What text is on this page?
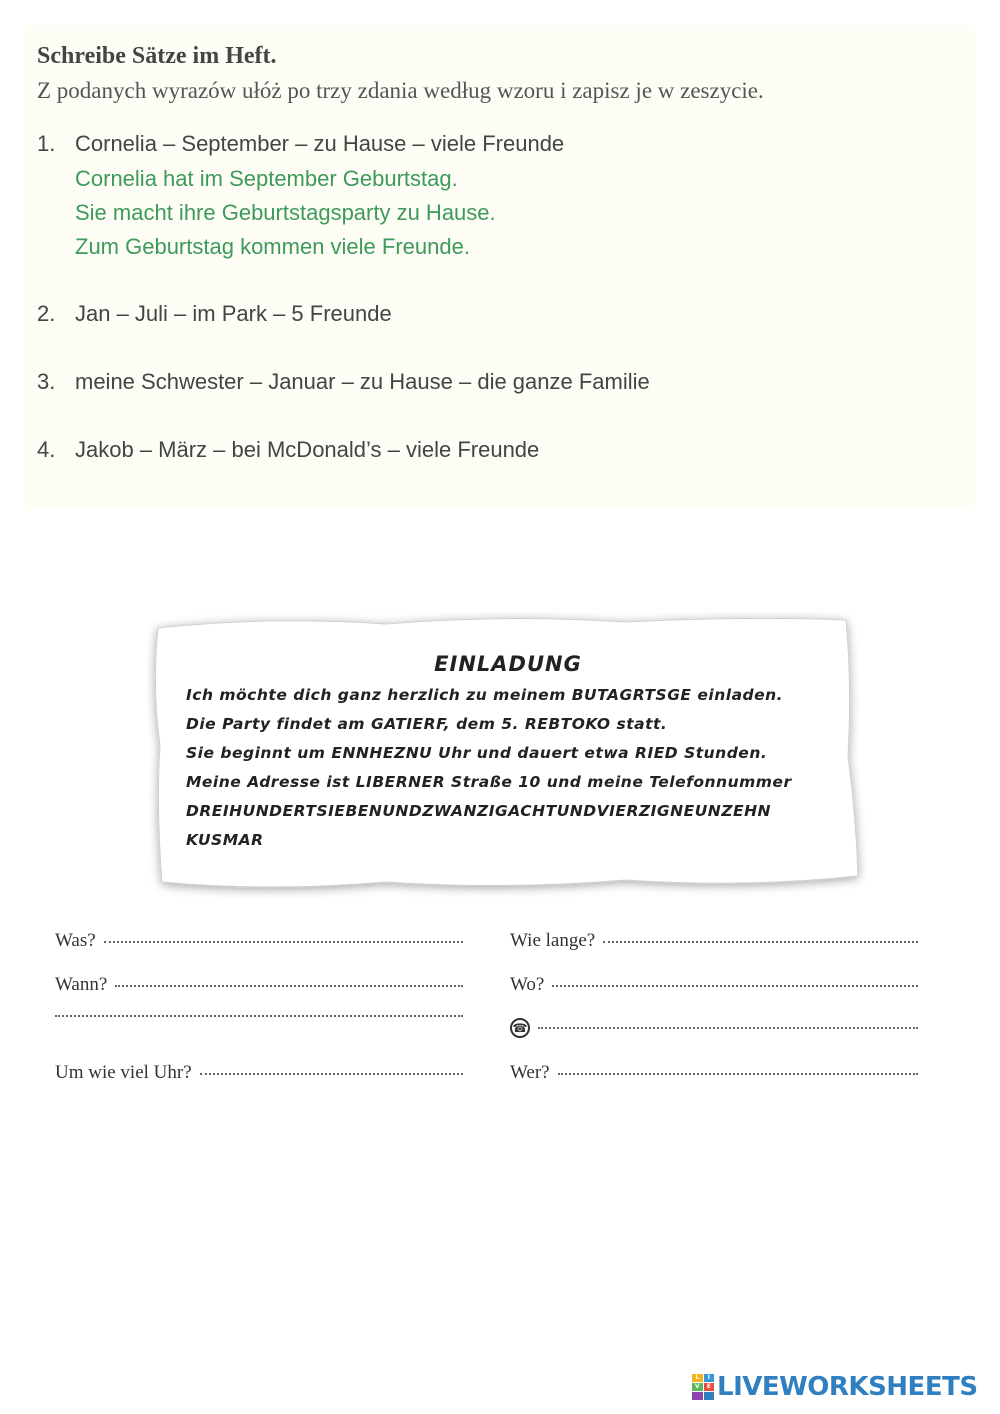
Schreibe Sätze im Heft.
Z podanych wyrazów ułóż po trzy zdania według wzoru i zapisz je w zeszycie.
1. Cornelia – September – zu Hause – viele Freunde
Cornelia hat im September Geburtstag.
Sie macht ihre Geburtstagsparty zu Hause.
Zum Geburtstag kommen viele Freunde.
2. Jan – Juli – im Park – 5 Freunde
3. meine Schwester – Januar – zu Hause – die ganze Familie
4. Jakob – März – bei McDonald’s – viele Freunde
EINLADUNG
Ich möchte dich ganz herzlich zu meinem BUTAGRTSGE einladen.
Die Party findet am GATIERF, dem 5. REBTOKO statt.
Sie beginnt um ENNHEZNU Uhr und dauert etwa RIED Stunden.
Meine Adresse ist LIBERNER Straße 10 und meine Telefonnummer
DREIHUNDERTSIEBENUNDZWANZIGACHTUNDVIERZIGNEUNZEHN
KUSMAR
Was?
Wann?
Um wie viel Uhr?
Wie lange?
Wo?
☎
Wer?
L	I
V	E LIVEWORKSHEETS
